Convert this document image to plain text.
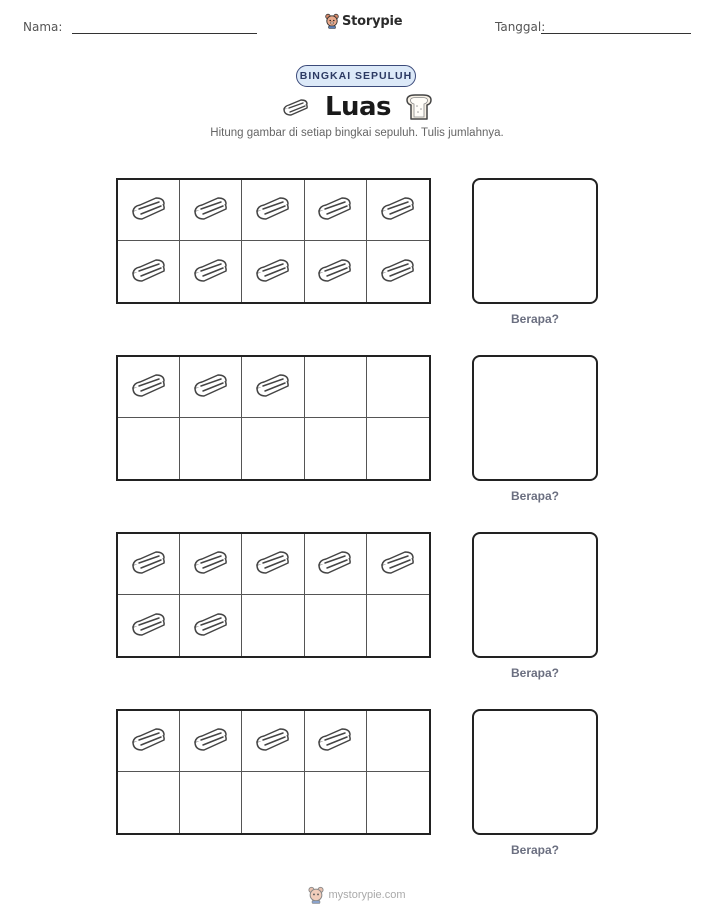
Nama:	Storypie	Tanggal:
BINGKAI SEPULUH
Luas
Hitung gambar di setiap bingkai sepuluh. Tulis jumlahnya.
Berapa?
Berapa?
Berapa?
Berapa?
mystorypie.com
